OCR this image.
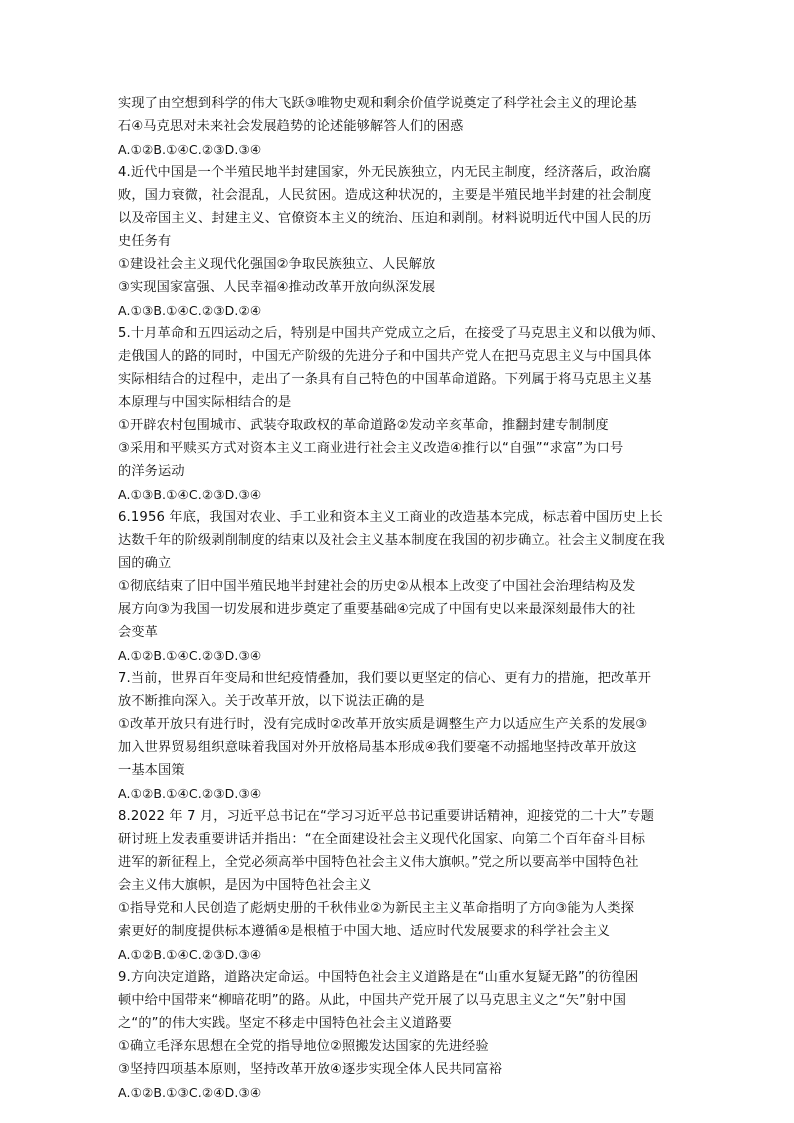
实现了由空想到科学的伟大飞跃③唯物史观和剩余价值学说奠定了科学社会主义的理论基
石④马克思对未来社会发展趋势的论述能够解答人们的困惑
A.①②B.①④C.②③D.③④
4.近代中国是一个半殖民地半封建国家，外无民族独立，内无民主制度，经济落后，政治腐
败，国力衰微，社会混乱，人民贫困。造成这种状况的，主要是半殖民地半封建的社会制度
以及帝国主义、封建主义、官僚资本主义的统治、压迫和剥削。材料说明近代中国人民的历
史任务有
①建设社会主义现代化强国②争取民族独立、人民解放
③实现国家富强、人民幸福④推动改革开放向纵深发展
A.①③B.①④C.②③D.②④
5.十月革命和五四运动之后，特别是中国共产党成立之后，在接受了马克思主义和以俄为师、
走俄国人的路的同时，中国无产阶级的先进分子和中国共产党人在把马克思主义与中国具体
实际相结合的过程中，走出了一条具有自己特色的中国革命道路。下列属于将马克思主义基
本原理与中国实际相结合的是
①开辟农村包围城市、武装夺取政权的革命道路②发动辛亥革命，推翻封建专制制度
③采用和平赎买方式对资本主义工商业进行社会主义改造④推行以“自强”“求富”为口号
的洋务运动
A.①③B.①④C.②③D.③④
6.1956 年底，我国对农业、手工业和资本主义工商业的改造基本完成，标志着中国历史上长
达数千年的阶级剥削制度的结束以及社会主义基本制度在我国的初步确立。社会主义制度在我
国的确立
①彻底结束了旧中国半殖民地半封建社会的历史②从根本上改变了中国社会治理结构及发
展方向③为我国一切发展和进步奠定了重要基础④完成了中国有史以来最深刻最伟大的社
会变革
A.①②B.①④C.②③D.③④
7.当前，世界百年变局和世纪疫情叠加，我们要以更坚定的信心、更有力的措施，把改革开
放不断推向深入。关于改革开放，以下说法正确的是
①改革开放只有进行时，没有完成时②改革开放实质是调整生产力以适应生产关系的发展③
加入世界贸易组织意味着我国对外开放格局基本形成④我们要毫不动摇地坚持改革开放这
一基本国策
A.①②B.①④C.②③D.③④
8.2022 年 7 月，习近平总书记在“学习习近平总书记重要讲话精神，迎接党的二十大”专题
研讨班上发表重要讲话并指出：“在全面建设社会主义现代化国家、向第二个百年奋斗目标
进军的新征程上，全党必须高举中国特色社会主义伟大旗帜。”党之所以要高举中国特色社
会主义伟大旗帜，是因为中国特色社会主义
①指导党和人民创造了彪炳史册的千秋伟业②为新民主主义革命指明了方向③能为人类探
索更好的制度提供标本遵循④是根植于中国大地、适应时代发展要求的科学社会主义
A.①②B.①④C.②③D.③④
9.方向决定道路，道路决定命运。中国特色社会主义道路是在“山重水复疑无路”的彷徨困
顿中给中国带来“柳暗花明”的路。从此，中国共产党开展了以马克思主义之“矢”射中国
之“的”的伟大实践。坚定不移走中国特色社会主义道路要
①确立毛泽东思想在全党的指导地位②照搬发达国家的先进经验
③坚持四项基本原则，坚持改革开放④逐步实现全体人民共同富裕
A.①②B.①③C.②④D.③④
